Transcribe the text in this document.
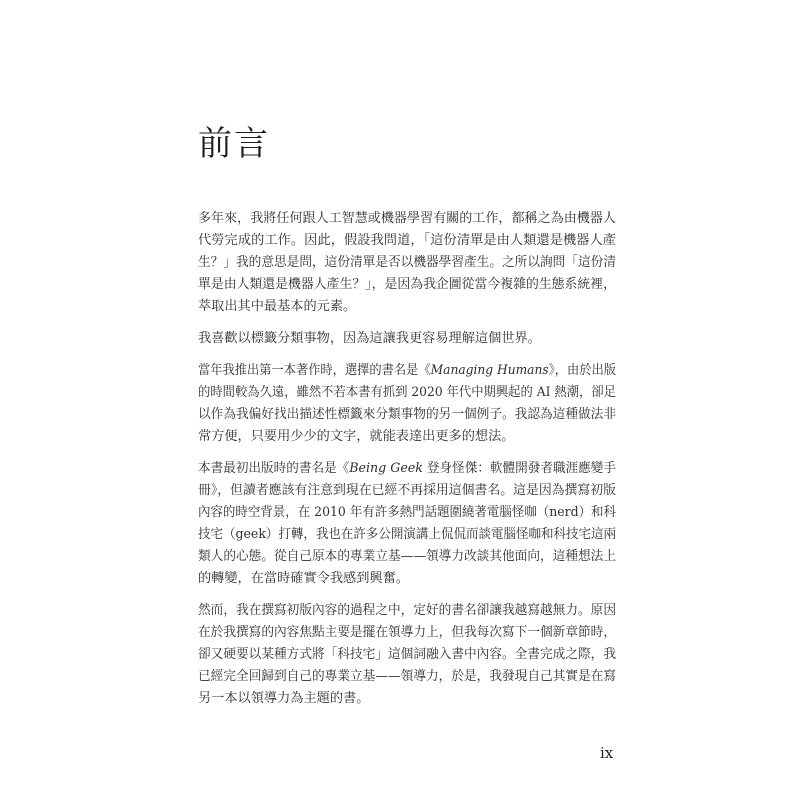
前言

多年來，我將任何跟人工智慧或機器學習有關的工作，都稱之為由機器人
代勞完成的工作。因此，假設我問道，「這份清單是由人類還是機器人產
生？」我的意思是問，這份清單是否以機器學習產生。之所以詢問「這份清
單是由人類還是機器人產生？」，是因為我企圖從當今複雜的生態系統裡，
萃取出其中最基本的元素。

我喜歡以標籤分類事物，因為這讓我更容易理解這個世界。

當年我推出第一本著作時，選擇的書名是《Managing Humans》，由於出版
的時間較為久遠，雖然不若本書有抓到 2020 年代中期興起的 AI 熱潮，卻足
以作為我偏好找出描述性標籤來分類事物的另一個例子。我認為這種做法非
常方便，只要用少少的文字，就能表達出更多的想法。

本書最初出版時的書名是《Being Geek 登身怪傑：軟體開發者職涯應變手
冊》，但讀者應該有注意到現在已經不再採用這個書名。這是因為撰寫初版
內容的時空背景，在 2010 年有許多熱門話題圍繞著電腦怪咖（nerd）和科
技宅（geek）打轉，我也在許多公開演講上侃侃而談電腦怪咖和科技宅這兩
類人的心態。從自己原本的專業立基——領導力改談其他面向，這種想法上
的轉變，在當時確實令我感到興奮。

然而，我在撰寫初版內容的過程之中，定好的書名卻讓我越寫越無力。原因
在於我撰寫的內容焦點主要是擺在領導力上，但我每次寫下一個新章節時，
卻又硬要以某種方式將「科技宅」這個詞融入書中內容。全書完成之際，我
已經完全回歸到自己的專業立基——領導力，於是，我發現自己其實是在寫
另一本以領導力為主題的書。

ix
